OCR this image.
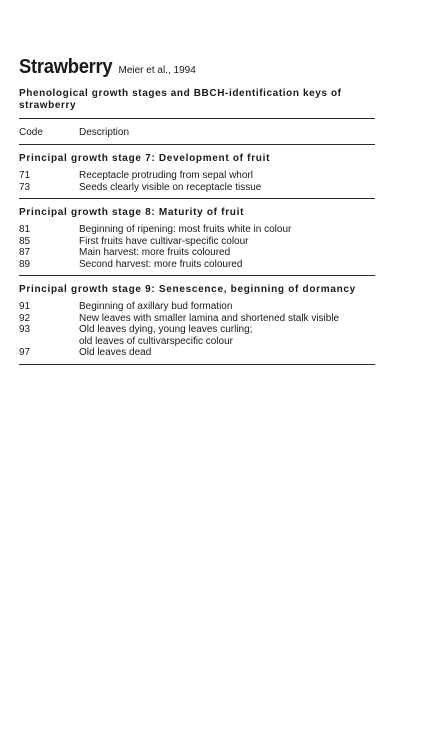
Strawberry Meier et al., 1994
Phenological growth stages and BBCH-identification keys of strawberry
Code	Description
Principal growth stage 7: Development of fruit
71	Receptacle protruding from sepal whorl
73	Seeds clearly visible on receptacle tissue
Principal growth stage 8: Maturity of fruit
81	Beginning of ripening: most fruits white in colour
85	First fruits have cultivar-specific colour
87	Main harvest: more fruits coloured
89	Second harvest: more fruits coloured
Principal growth stage 9: Senescence, beginning of dormancy
91	Beginning of axillary bud formation
92	New leaves with smaller lamina and shortened stalk visible
93	Old leaves dying, young leaves curling;
old leaves of cultivarspecific colour
97	Old leaves dead
